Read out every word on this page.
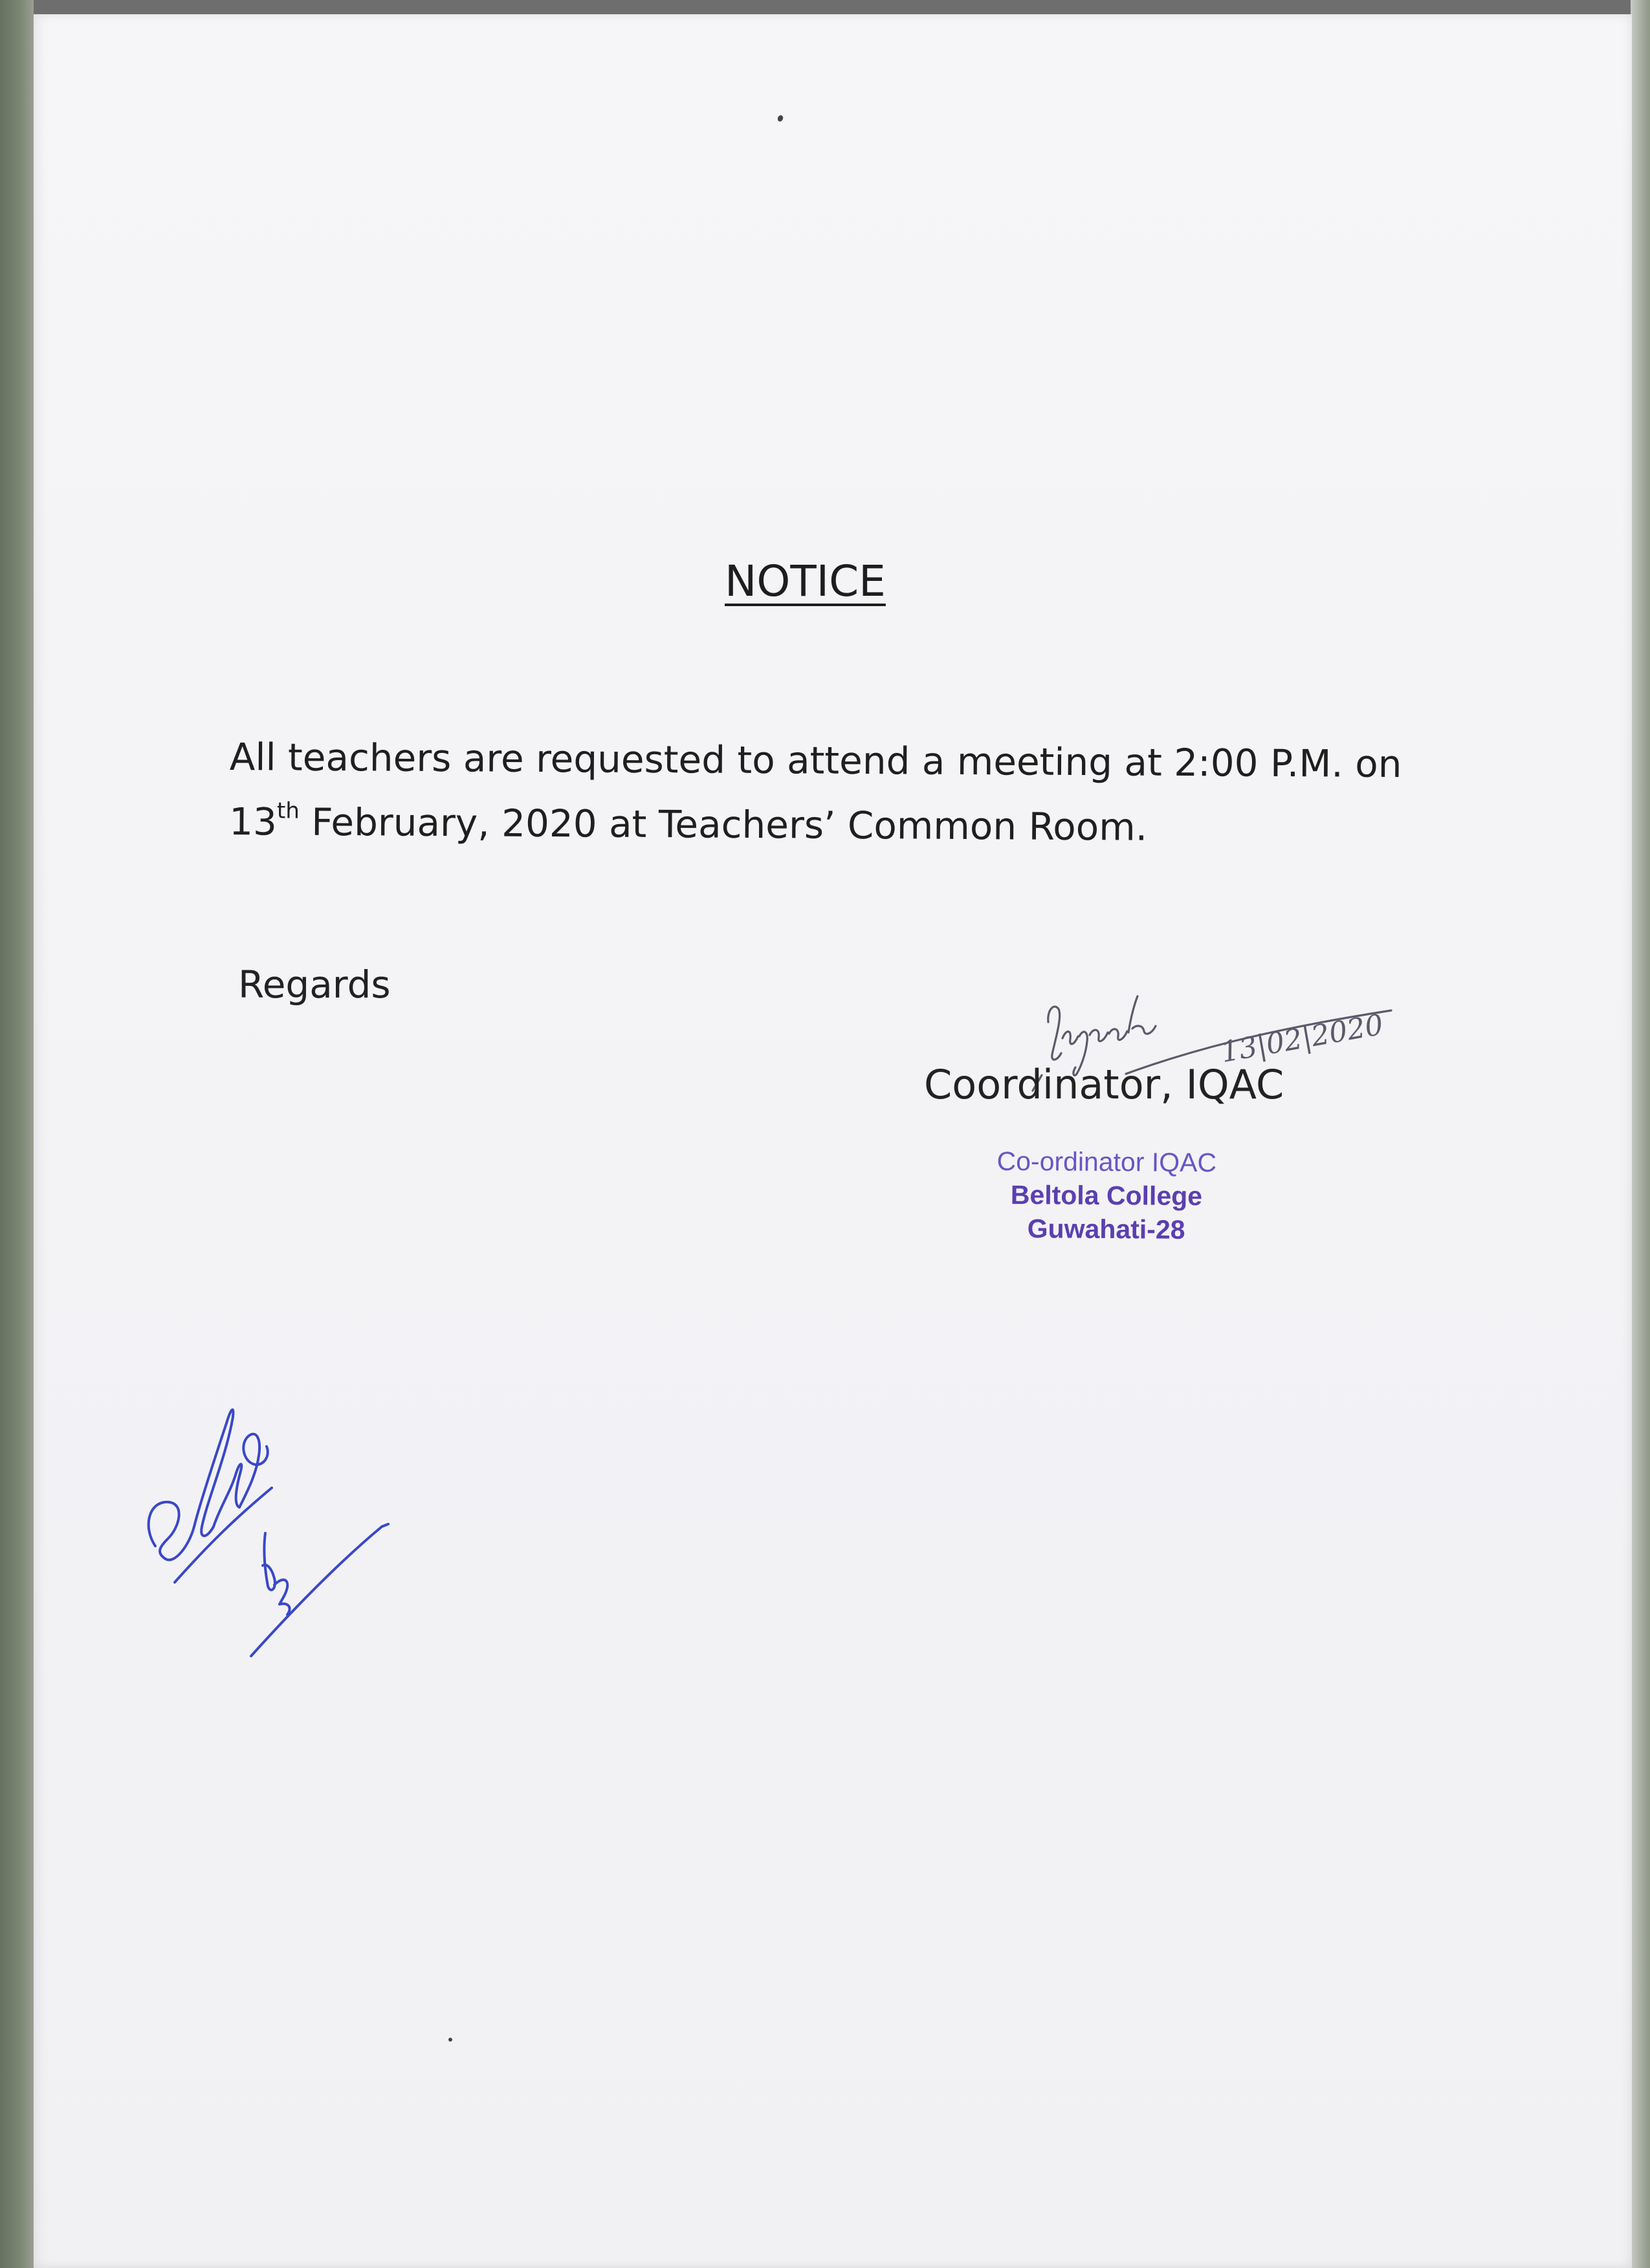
NOTICE
All teachers are requested to attend a meeting at 2:00 P.M. on
13th February, 2020 at Teachers’ Common Room.
Regards
13|02|2020
Coordinator, IQAC
Co-ordinator IQAC
Beltola College
Guwahati-28
